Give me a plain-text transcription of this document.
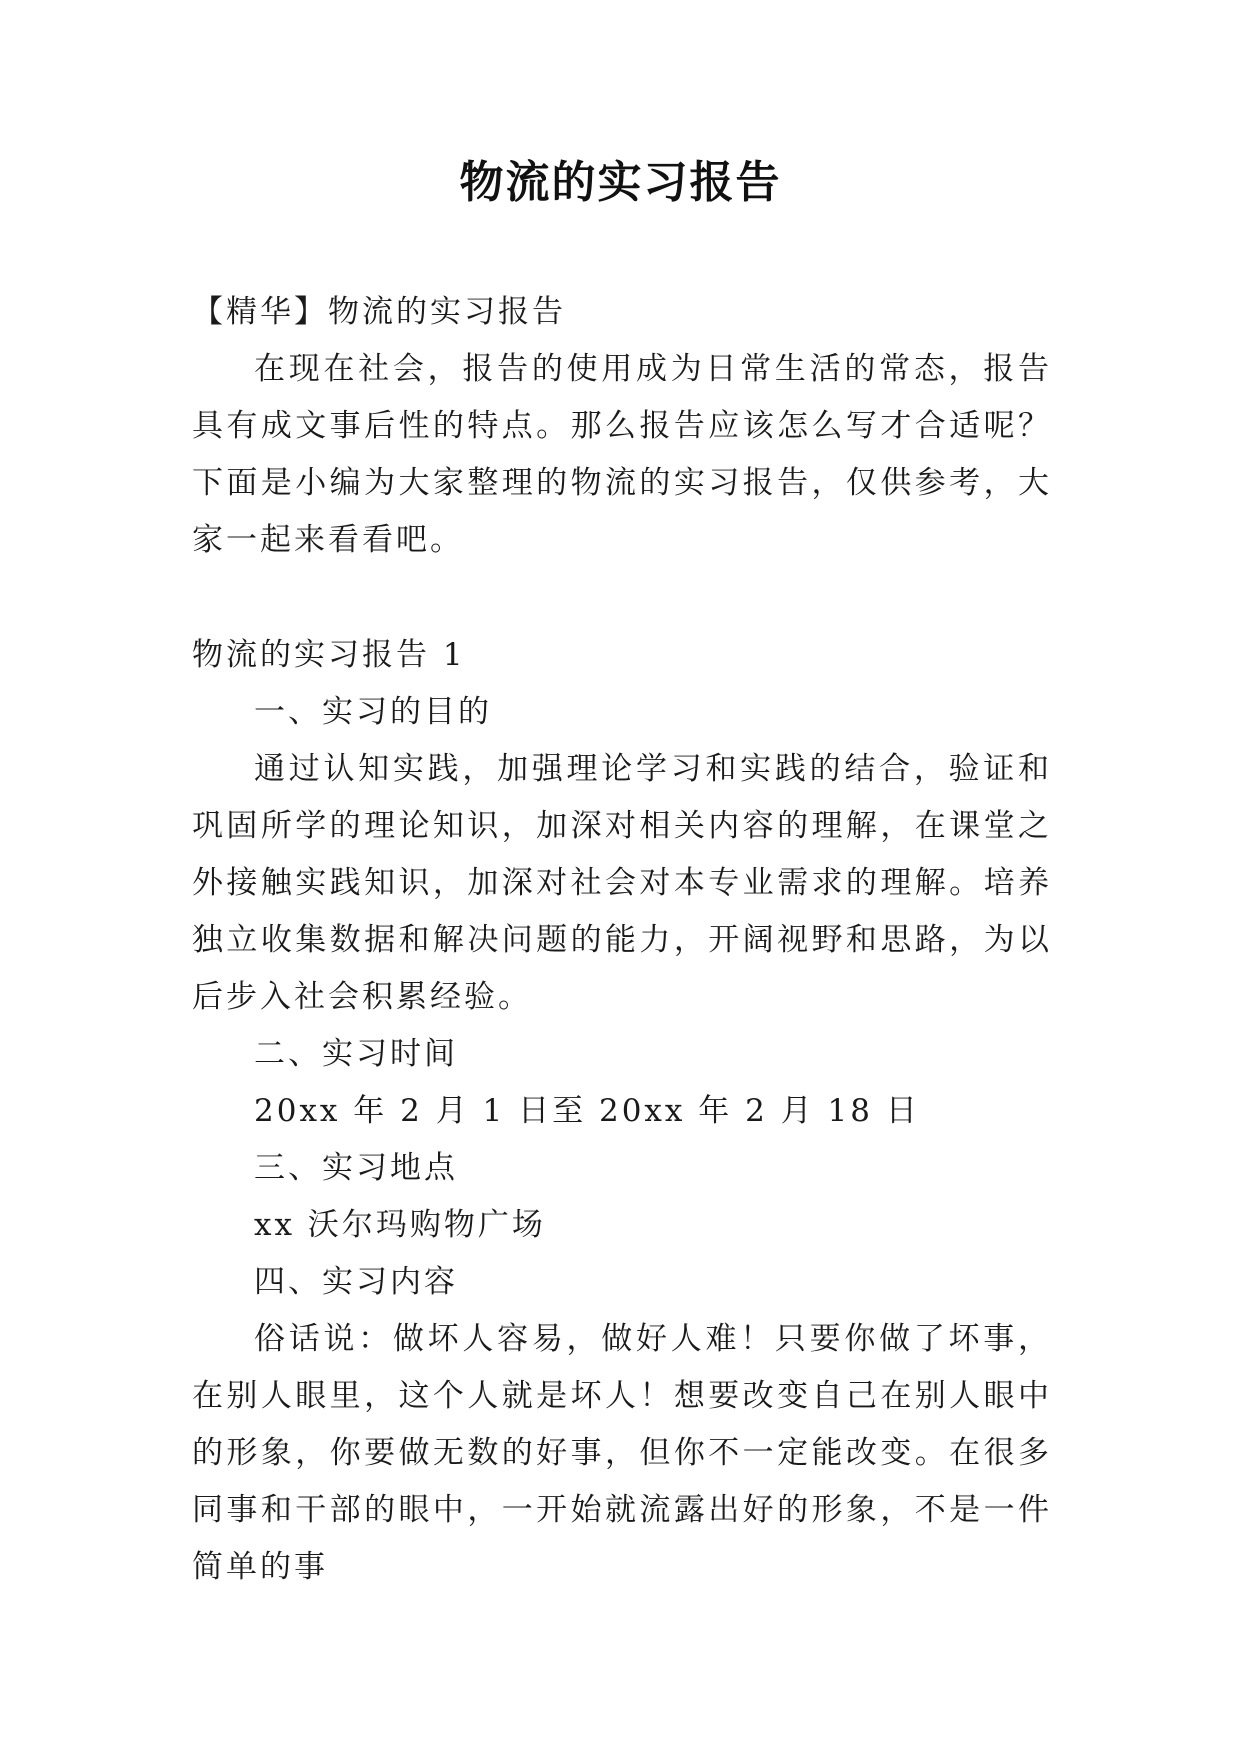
物流的实习报告

【精华】物流的实习报告

在现在社会，报告的使用成为日常生活的常态，报告具有成文事后性的特点。那么报告应该怎么写才合适呢？下面是小编为大家整理的物流的实习报告，仅供参考，大家一起来看看吧。

物流的实习报告 1

一、实习的目的

通过认知实践，加强理论学习和实践的结合，验证和巩固所学的理论知识，加深对相关内容的理解，在课堂之外接触实践知识，加深对社会对本专业需求的理解。培养独立收集数据和解决问题的能力，开阔视野和思路，为以后步入社会积累经验。

二、实习时间

20xx 年 2 月 1 日至 20xx 年 2 月 18 日

三、实习地点

xx 沃尔玛购物广场

四、实习内容

俗话说：做坏人容易，做好人难！只要你做了坏事，在别人眼里，这个人就是坏人！想要改变自己在别人眼中的形象，你要做无数的好事，但你不一定能改变。在很多同事和干部的眼中，一开始就流露出好的形象，不是一件简单的事
